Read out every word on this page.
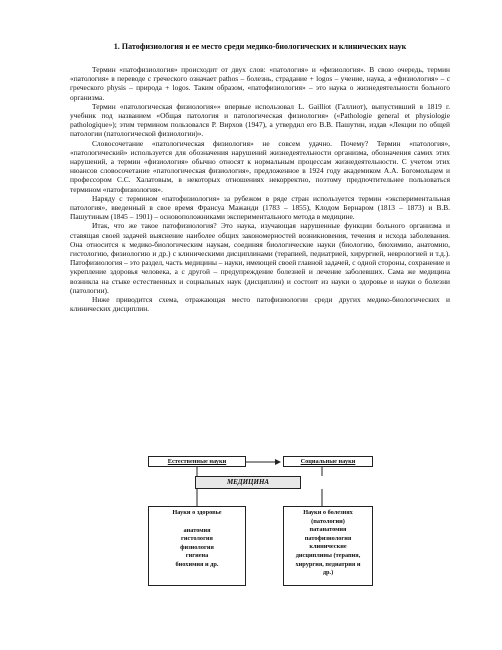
1. Патофизиология и ее место среди медико-биологических и клинических наук

Термин «патофизиология» происходит от двух слов: «патология» и «физиология». В свою очередь, термин «патология» в переводе с греческого означает pathos – болезнь, страдание + logos – учение, наука, а «физиология» – с греческого physis – природа + logos. Таким образом, «патофизиология» – это наука о жизнедеятельности больного организма.

Термин «патологическая физиология»» впервые использовал L. Gailliot (Галлиот), выпустивший в 1819 г. учебник под названием «Общая патология и патологическая физиология» («Pathologie general et physiologie pathologique»); этим термином пользовался Р. Вирхов (1947), а утвердил его В.В. Пашутин, издав «Лекции по общей патологии (патологической физиологии)».

Словосочетание «патологическая физиология» не совсем удачно. Почему? Термин «патология», «патологический» используется для обозначения нарушений жизнедеятельности организма, обозначения самих этих нарушений, а термин «физиология» обычно относят к нормальным процессам жизнедеятельности. С учетом этих нюансов словосочетание «патологическая физиология», предложенное в 1924 году академиком А.А. Богомольцем и профессором С.С. Халатовым, в некоторых отношениях некорректно, поэтому предпочтительнее пользоваться термином «патофизиология».

Наряду с термином «патофизиология» за рубежом в ряде стран используется термин «экспериментальная патология», введенный в свое время Франсуа Мажанди (1783 – 1855), Клодом Бернаром (1813 – 1873) и В.В. Пашутиным (1845 – 1901) – основоположниками экспериментального метода в медицине.

Итак, что же такое патофизиология? Это наука, изучающая нарушенные функции больного организма и ставящая своей задачей выяснение наиболее общих закономерностей возникновения, течения и исхода заболевания. Она относится к медико-биологическим наукам, соединяя биологические науки (биологию, биохимию, анатомию, гистологию, физиологию и др.) с клиническими дисциплинами (терапией, педиатрией, хирургией, неврологией и т.д.). Патофизиология – это раздел, часть медицины – науки, имеющей своей главной задачей, с одной стороны, сохранение и укрепление здоровья человека, а с другой – предупреждение болезней и лечение заболевших. Сама же медицина возникла на стыке естественных и социальных наук (дисциплин) и состоит из науки о здоровье и науки о болезни (патологии).

Ниже приводится схема, отражающая место патофизиологии среди других медико-биологических и клинических дисциплин.

Естественные науки	Социальные науки
МЕДИЦИНА
Науки о здоровье
анатомия
гистология
физиология
гигиена
биохимия и др.
Науки о болезнях
(патологии)
патанатомия
патофизиология
клинические
дисциплины (терапия,
хирургия, педиатрия и
др.)
